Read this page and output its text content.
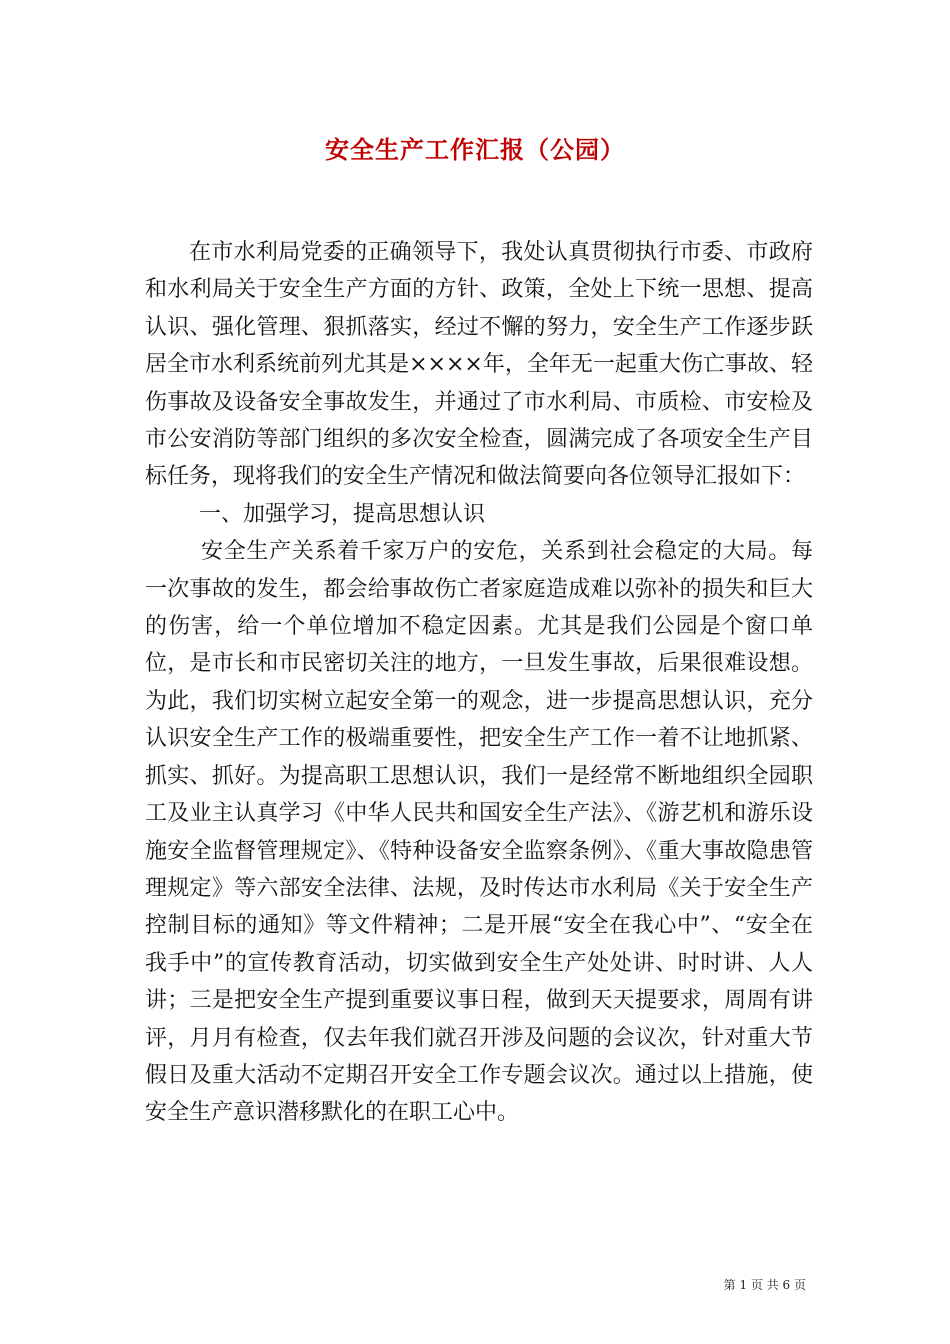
安全生产工作汇报（公园）

在市水利局党委的正确领导下，我处认真贯彻执行市委、市政府和水利局关于安全生产方面的方针、政策，全处上下统一思想、提高认识、强化管理、狠抓落实，经过不懈的努力，安全生产工作逐步跃居全市水利系统前列尤其是××××年，全年无一起重大伤亡事故、轻伤事故及设备安全事故发生，并通过了市水利局、市质检、市安检及市公安消防等部门组织的多次安全检查，圆满完成了各项安全生产目标任务，现将我们的安全生产情况和做法简要向各位领导汇报如下：

一、加强学习，提高思想认识

安全生产关系着千家万户的安危，关系到社会稳定的大局。每一次事故的发生，都会给事故伤亡者家庭造成难以弥补的损失和巨大的伤害，给一个单位增加不稳定因素。尤其是我们公园是个窗口单位，是市长和市民密切关注的地方，一旦发生事故，后果很难设想。为此，我们切实树立起安全第一的观念，进一步提高思想认识，充分认识安全生产工作的极端重要性，把安全生产工作一着不让地抓紧、抓实、抓好。为提高职工思想认识，我们一是经常不断地组织全园职工及业主认真学习《中华人民共和国安全生产法》、《游艺机和游乐设施安全监督管理规定》、《特种设备安全监察条例》、《重大事故隐患管理规定》等六部安全法律、法规，及时传达市水利局《关于安全生产控制目标的通知》等文件精神；二是开展“安全在我心中”、“安全在我手中”的宣传教育活动，切实做到安全生产处处讲、时时讲、人人讲；三是把安全生产提到重要议事日程，做到天天提要求，周周有讲评，月月有检查，仅去年我们就召开涉及问题的会议次，针对重大节假日及重大活动不定期召开安全工作专题会议次。通过以上措施，使安全生产意识潜移默化的在职工心中。

第 1 页 共 6 页
